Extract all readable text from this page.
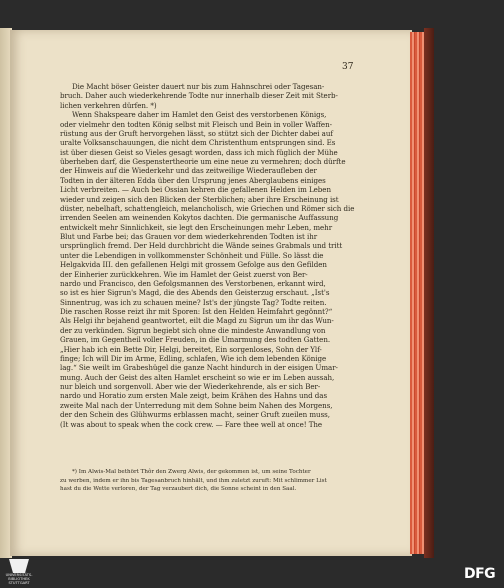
37
Die Macht böser Geister dauert nur bis zum Hahnschrei oder Tagesan-
bruch. Daher auch wiederkehrende Todte nur innerhalb dieser Zeit mit Sterb-
lichen verkehren dürfen. *)
Wenn Shakspeare daher im Hamlet den Geist des verstorbenen Königs,
oder vielmehr den todten König selbst mit Fleisch und Bein in voller Waffen-
rüstung aus der Gruft hervorgehen lässt, so stützt sich der Dichter dabei auf
uralte Volksanschauungen, die nicht dem Christenthum entsprungen sind. Es
ist über diesen Geist so Vieles gesagt worden, dass ich mich füglich der Mühe
überheben darf, die Gespenstertheorie um eine neue zu vermehren; doch dürfte
der Hinweis auf die Wiederkehr und das zeitweilige Wiederaufleben der
Todten in der älteren Edda über den Ursprung jenes Aberglaubens einiges
Licht verbreiten. — Auch bei Ossian kehren die gefallenen Helden im Leben
wieder und zeigen sich den Blicken der Sterblichen; aber ihre Erscheinung ist
düster, nebelhaft, schattengleich, melancholisch, wie Griechen und Römer sich die
irrenden Seelen am weinenden Kokytos dachten. Die germanische Auffassung
entwickelt mehr Sinnlichkeit, sie legt den Erscheinungen mehr Leben, mehr
Blut und Farbe bei; das Grauen vor dem wiederkehrenden Todten ist ihr
ursprünglich fremd. Der Held durchbricht die Wände seines Grabmals und tritt
unter die Lebendigen in vollkommenster Schönheit und Fülle. So lässt die
Helgakvida III. den gefallenen Helgi mit grossem Gefolge aus den Gefilden
der Einherier zurückkehren. Wie im Hamlet der Geist zuerst von Ber-
nardo und Francisco, den Gefolgsmannen des Verstorbenen, erkannt wird,
so ist es hier Sigrun's Magd, die des Abends den Geisterzug erschaut. „Ist's
Sinnentrug, was ich zu schauen meine? Ist's der jüngste Tag? Todte reiten.
Die raschen Rosse reizt ihr mit Sporen: Ist den Helden Heimfahrt gegönnt?“
Als Helgi ihr bejahend geantwortet, eilt die Magd zu Sigrun um ihr das Wun-
der zu verkünden. Sigrun begiebt sich ohne die mindeste Anwandlung von
Grauen, im Gegentheil voller Freuden, in die Umarmung des todten Gatten.
„Hier hab ich ein Bette Dir, Helgi, bereitet, Ein sorgenloses, Sohn der Ylf-
finge; Ich will Dir im Arme, Edling, schlafen, Wie ich dem lebenden Könige
lag.“ Sie weilt im Grabeshügel die ganze Nacht hindurch in der eisigen Umar-
mung. Auch der Geist des alten Hamlet erscheint so wie er im Leben aussah,
nur bleich und sorgenvoll. Aber wie der Wiederkehrende, als er sich Ber-
nardo und Horatio zum ersten Male zeigt, beim Krähen des Hahns und das
zweite Mal nach der Unterredung mit dem Sohne beim Nahen des Morgens,
der den Schein des Glühwurms erblassen macht, seiner Gruft zueilen muss,
(It was about to speak when the cock crew. — Fare thee well at once! The
*) Im Alwis-Mal bethört Thôr den Zwerg Alwis, der gekommen ist, um seine Tochter
zu werben, indem er ihn bis Tagesanbruch hinhält, und ihm zuletzt zuruft: Mit schlimmer List
hast du die Wette verloren, der Tag verzaubert dich, die Sonne scheint in den Saal.
UNIVERSITÄTS-BIBLIOTHEK STUTTGART
DFG
